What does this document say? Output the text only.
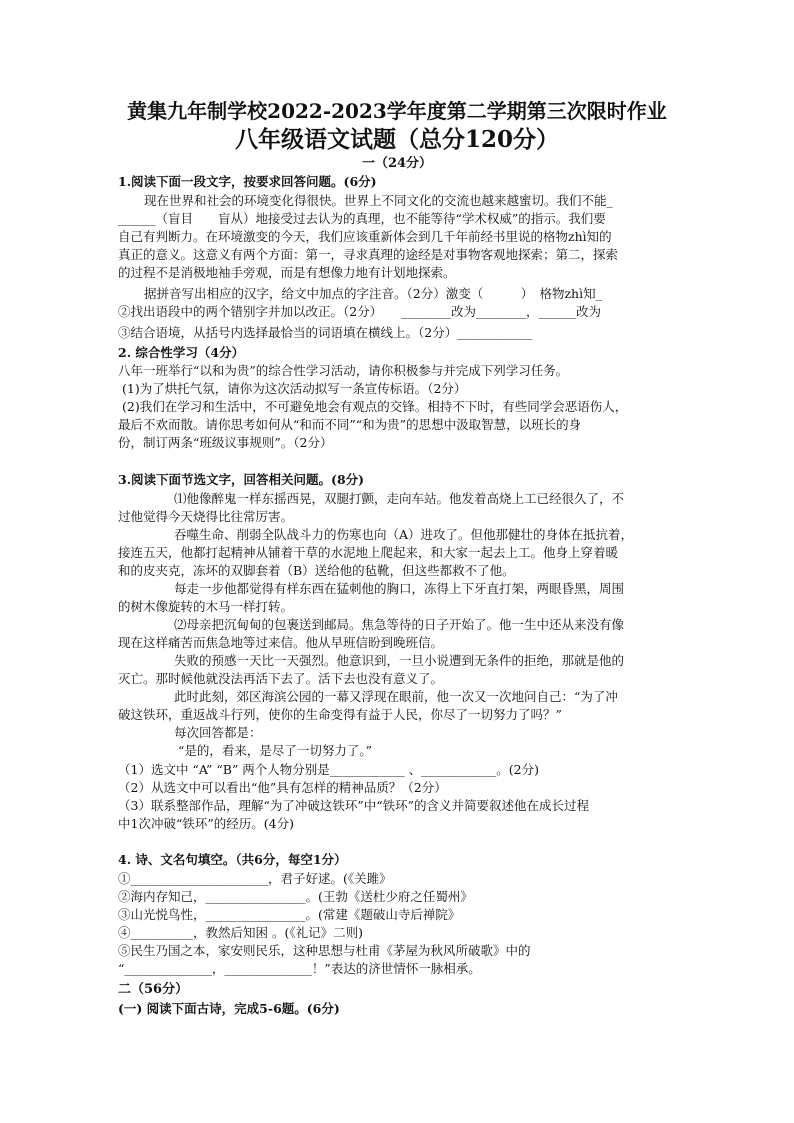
黄集九年制学校2022-2023学年度第二学期第三次限时作业
八年级语文试题（总分120分）
一（24分）
1.阅读下面一段文字，按要求回答问题。(6分)
现在世界和社会的环境变化得很快。世界上不同文化的交流也越来越蜜切。我们不能_
______（盲目　　盲从）地接受过去认为的真理，也不能等待“学术权威”的指示。我们要
自己有判断力。在环境激变的今天，我们应该重新体会到几千年前经书里说的格物zhì知的
真正的意义。这意义有两个方面：第一，寻求真理的途经是对事物客观地探索；第二，探索
的过程不是消极地袖手旁观，而是有想像力地有计划地探索。
据拼音写出相应的汉字，给文中加点的字注音。（2分）激变（　　　）　格物zhì知_
②找出语段中的两个错别字并加以改正。（2分）　　________改为________，______改为
③结合语境，从括号内选择最恰当的词语填在横线上。（2分）____________
2. 综合性学习（4分）
八年一班举行“以和为贵”的综合性学习活动，请你积极参与并完成下列学习任务。
(1)为了烘托气氛，请你为这次活动拟写一条宣传标语。（2分）
(2)我们在学习和生活中，不可避免地会有观点的交锋。相持不下时，有些同学会恶语伤人，
最后不欢而散。请你思考如何从“和而不同”“和为贵”的思想中汲取智慧，以班长的身
份，制订两条“班级议事规则”。（2分）
3.阅读下面节选文字，回答相关问题。(8分)
⑴他像醉鬼一样东摇西晃，双腿打颤，走向车站。他发着高烧上工已经很久了，不
过他觉得今天烧得比往常厉害。
吞噬生命、削弱全队战斗力的伤寒也向（A）进攻了。但他那健壮的身体在抵抗着，
接连五天，他都打起精神从铺着干草的水泥地上爬起来，和大家一起去上工。他身上穿着暖
和的皮夹克，冻坏的双脚套着（B）送给他的毡靴，但这些都救不了他。
每走一步他都觉得有样东西在猛刺他的胸口，冻得上下牙直打架，两眼昏黑，周围
的树木像旋转的木马一样打转。
⑵母亲把沉甸甸的包裹送到邮局。焦急等待的日子开始了。他一生中还从来没有像
现在这样痛苦而焦急地等过来信。他从早班信盼到晚班信。
失败的预感一天比一天强烈。他意识到，一旦小说遭到无条件的拒绝，那就是他的
灭亡。那时候他就没法再活下去了。活下去也没有意义了。
此时此刻，郊区海滨公园的一幕又浮现在眼前，他一次又一次地问自己：“为了冲
破这铁环，重返战斗行列，使你的生命变得有益于人民，你尽了一切努力了吗？”
每次回答都是：
“是的，看来，是尽了一切努力了。”
（1）选文中 “A” “B” 两个人物分别是____________ 、____________。(2分)
（2）从选文中可以看出“他”具有怎样的精神品质？（2分）
（3）联系整部作品，理解“为了冲破这铁环”中“铁环”的含义并简要叙述他在成长过程
中1次冲破“铁环”的经历。(4分)
4. 诗、文名句填空。（共6分，每空1分）
①______________________，君子好逑。(《关雎》
②海内存知己，________________。(王勃《送杜少府之任蜀州》
③山光悦鸟性，________________。(常建《题破山寺后禅院》
④__________，教然后知困 。(《礼记》二则)
⑤民生乃国之本，家安则民乐，这种思想与杜甫《茅屋为秋风所破歌》中的
“______________，______________！”表达的济世情怀一脉相承。
二（56分）
(一) 阅读下面古诗，完成5-6题。(6分)
